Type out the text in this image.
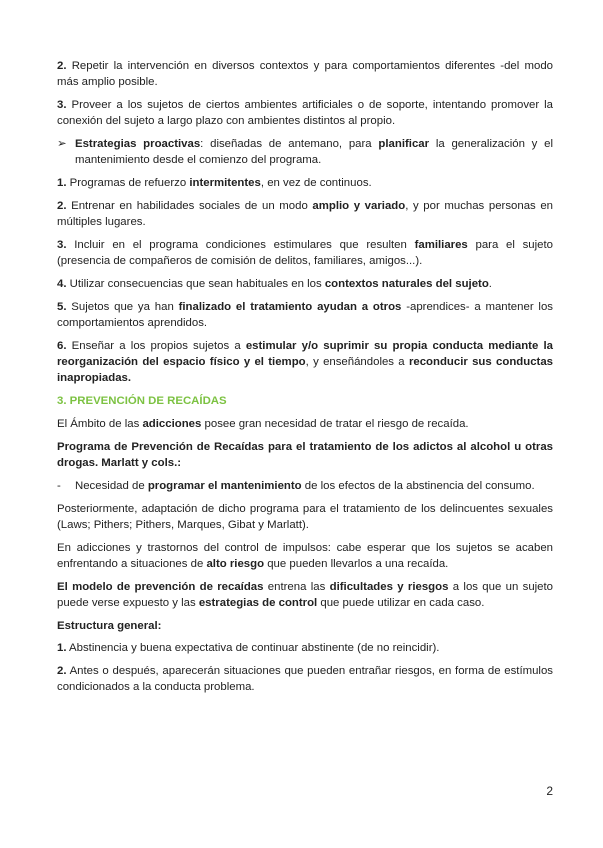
2. Repetir la intervención en diversos contextos y para comportamientos diferentes -del modo más amplio posible.

3. Proveer a los sujetos de ciertos ambientes artificiales o de soporte, intentando promover la conexión del sujeto a largo plazo con ambientes distintos al propio.

➢ Estrategias proactivas: diseñadas de antemano, para planificar la generalización y el mantenimiento desde el comienzo del programa.

1. Programas de refuerzo intermitentes, en vez de continuos.

2. Entrenar en habilidades sociales de un modo amplio y variado, y por muchas personas en múltiples lugares.

3. Incluir en el programa condiciones estimulares que resulten familiares para el sujeto (presencia de compañeros de comisión de delitos, familiares, amigos...).

4. Utilizar consecuencias que sean habituales en los contextos naturales del sujeto.

5. Sujetos que ya han finalizado el tratamiento ayudan a otros -aprendices- a mantener los comportamientos aprendidos.

6. Enseñar a los propios sujetos a estimular y/o suprimir su propia conducta mediante la reorganización del espacio físico y el tiempo, y enseñándoles a reconducir sus conductas inapropiadas.

3. PREVENCIÓN DE RECAÍDAS

El Ámbito de las adicciones posee gran necesidad de tratar el riesgo de recaída.

Programa de Prevención de Recaídas para el tratamiento de los adictos al alcohol u otras drogas. Marlatt y cols.:

-	Necesidad de programar el mantenimiento de los efectos de la abstinencia del consumo.

Posteriormente, adaptación de dicho programa para el tratamiento de los delincuentes sexuales (Laws; Pithers; Pithers, Marques, Gibat y Marlatt).

En adicciones y trastornos del control de impulsos: cabe esperar que los sujetos se acaben enfrentando a situaciones de alto riesgo que pueden llevarlos a una recaída.

El modelo de prevención de recaídas entrena las dificultades y riesgos a los que un sujeto puede verse expuesto y las estrategias de control que puede utilizar en cada caso.

Estructura general:

1. Abstinencia y buena expectativa de continuar abstinente (de no reincidir).

2. Antes o después, aparecerán situaciones que pueden entrañar riesgos, en forma de estímulos condicionados a la conducta problema.

2
